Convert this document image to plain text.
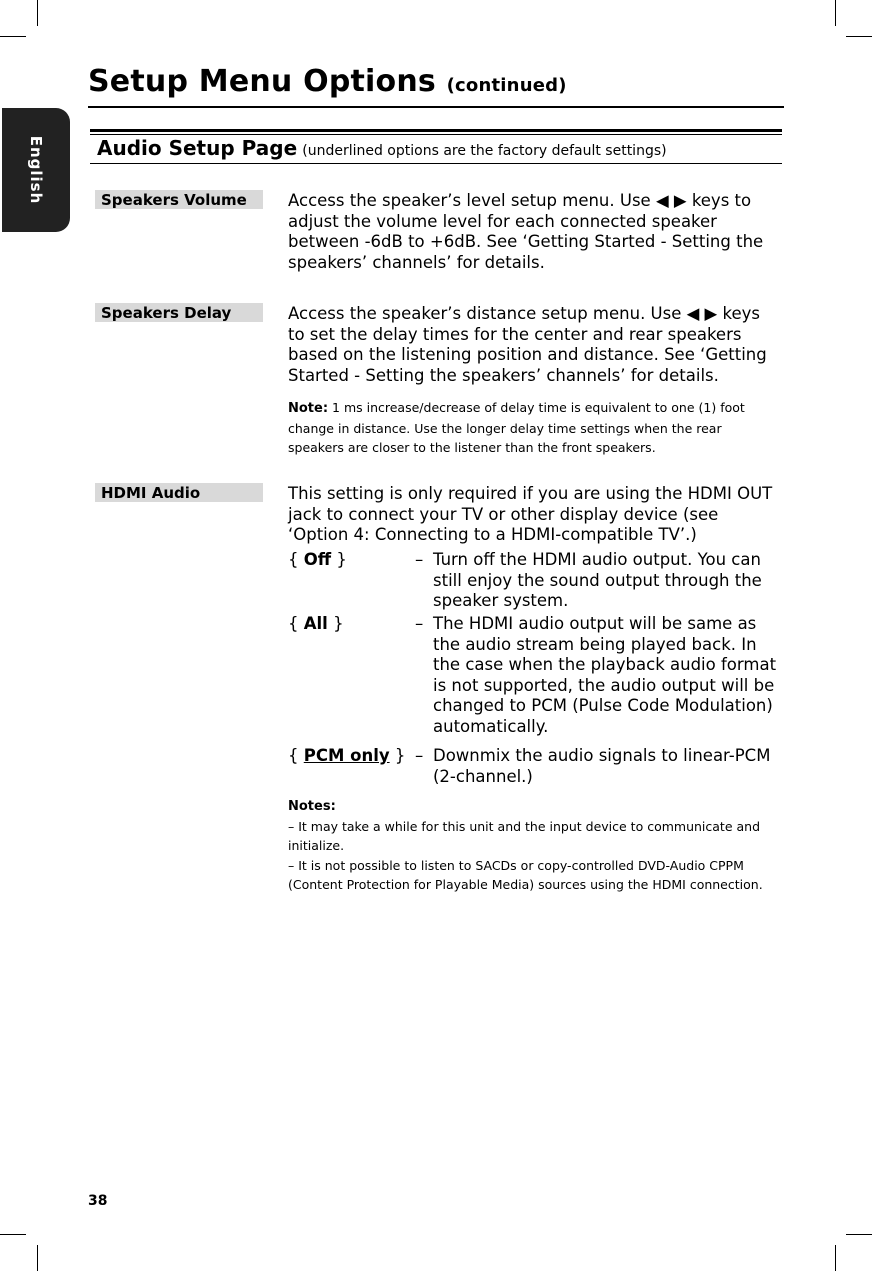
English
Setup Menu Options (continued)
Audio Setup Page (underlined options are the factory default settings)
Speakers Volume	Access the speaker’s level setup menu. Use ◀ ▶ keys to adjust the volume level for each connected speaker between -6dB to +6dB. See ‘Getting Started - Setting the speakers’ channels’ for details.
Speakers Delay	Access the speaker’s distance setup menu. Use ◀ ▶ keys to set the delay times for the center and rear speakers based on the listening position and distance. See ‘Getting Started - Setting the speakers’ channels’ for details.
Note: 1 ms increase/decrease of delay time is equivalent to one (1) foot change in distance. Use the longer delay time settings when the rear speakers are closer to the listener than the front speakers.
HDMI Audio	This setting is only required if you are using the HDMI OUT jack to connect your TV or other display device (see ‘Option 4: Connecting to a HDMI-compatible TV’.)
{ Off }	– Turn off the HDMI audio output. You can still enjoy the sound output through the speaker system.
{ All }	– The HDMI audio output will be same as the audio stream being played back. In the case when the playback audio format is not supported, the audio output will be changed to PCM (Pulse Code Modulation) automatically.
{ PCM only } – Downmix the audio signals to linear-PCM (2-channel.)
Notes:
– It may take a while for this unit and the input device to communicate and initialize.
– It is not possible to listen to SACDs or copy-controlled DVD-Audio CPPM (Content Protection for Playable Media) sources using the HDMI connection.
38
